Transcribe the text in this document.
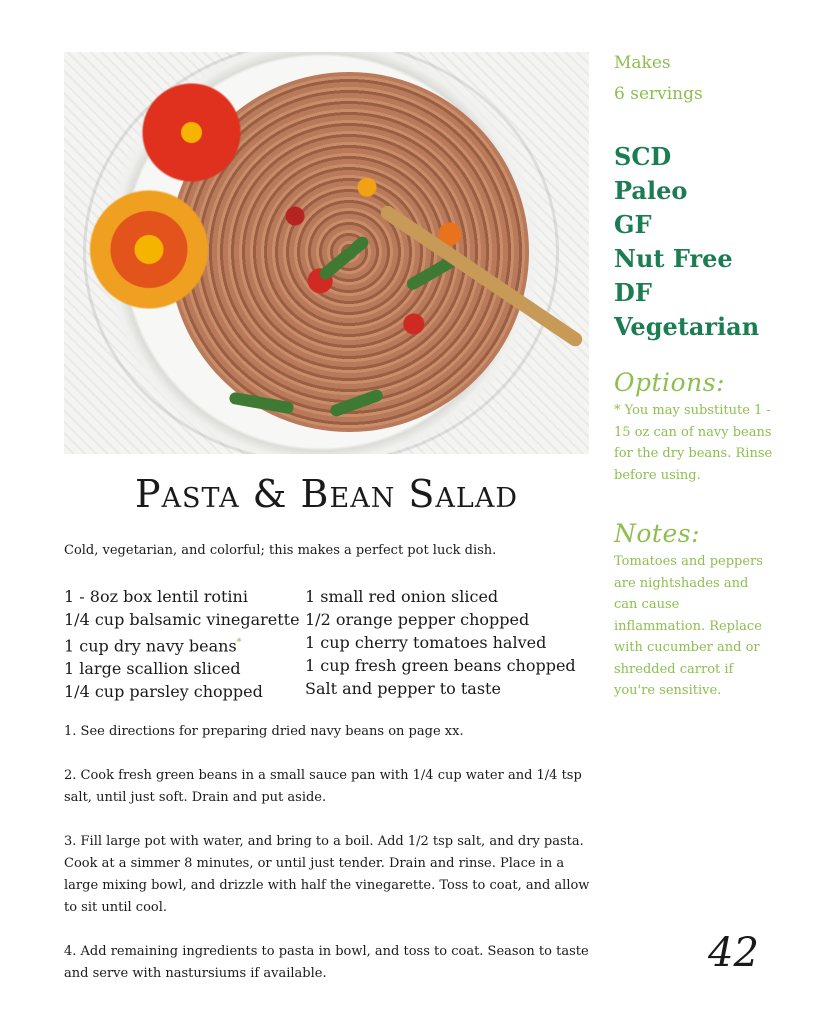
Makes
6 servings
SCD
Paleo
GF
Nut Free
DF
Vegetarian
Options:
* You may substitute 1 - 15 oz can of navy beans for the dry beans. Rinse before using.
Notes:
Tomatoes and peppers are nightshades and can cause inflammation. Replace with cucumber and or shredded carrot if you're sensitive.
Pasta & Bean Salad
Cold, vegetarian, and colorful; this makes a perfect pot luck dish.
1 - 8oz box lentil rotini
1/4 cup balsamic vinegarette
1 cup dry navy beans*
1 large scallion sliced
1/4 cup parsley chopped
1 small red onion sliced
1/2 orange pepper chopped
1 cup cherry tomatoes halved
1 cup fresh green beans chopped
Salt and pepper to taste

1. See directions for preparing dried navy beans on page xx.

2. Cook fresh green beans in a small sauce pan with 1/4 cup water and 1/4 tsp salt, until just soft. Drain and put aside.

3. Fill large pot with water, and bring to a boil. Add 1/2 tsp salt, and dry pasta. Cook at a simmer 8 minutes, or until just tender. Drain and rinse. Place in a large mixing bowl, and drizzle with half the vinegarette. Toss to coat, and allow to sit until cool.

4. Add remaining ingredients to pasta in bowl, and toss to coat. Season to taste and serve with nastursiums if available.	42
